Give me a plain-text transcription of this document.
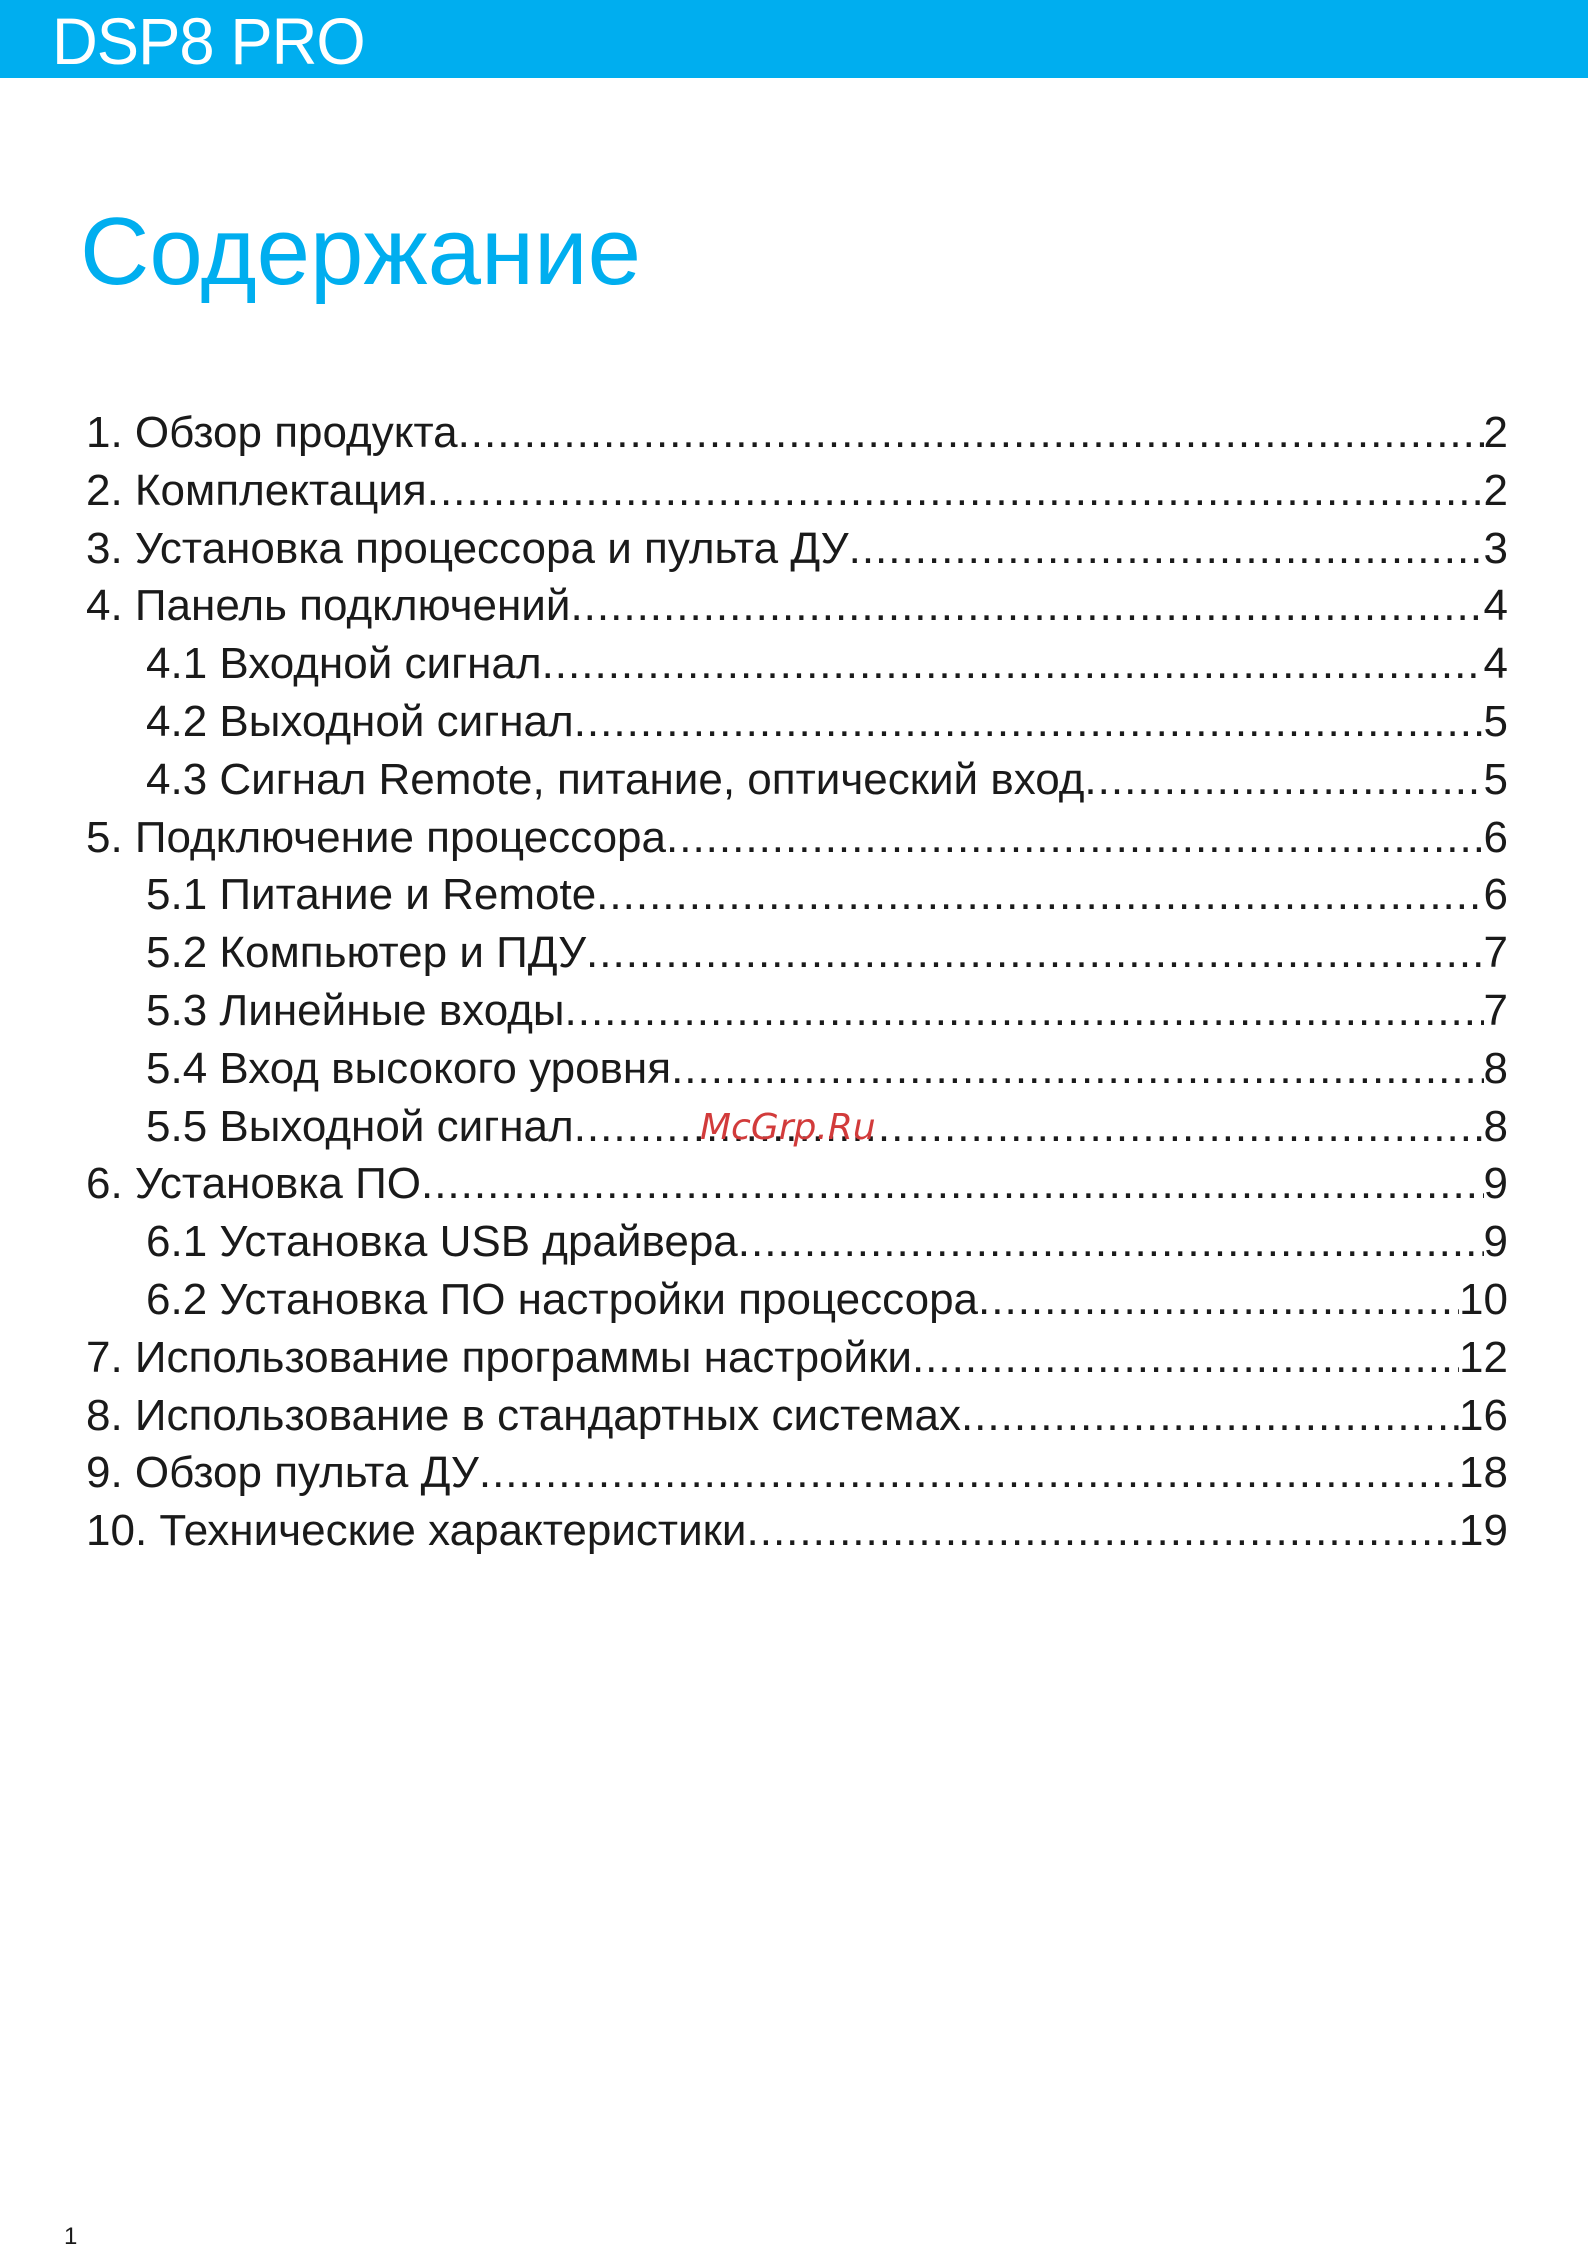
DSP8 PRO
Содержание
1. Обзор продукта .....	2
2. Комплектация .....	2
3. Установка процессора и пульта ДУ .....	3
4. Панель подключений .....	4
4.1 Входной сигнал .....	4
4.2 Выходной сигнал .....	5
4.3 Сигнал Remote, питание, оптический вход .....	5
5. Подключение процессора .....	6
5.1 Питание и Remote .....	6
5.2 Компьютер и ПДУ .....	7
5.3 Линейные входы .....	7
5.4 Вход высокого уровня .....	8
5.5 Выходной сигнал .....	8
6. Установка ПО .....	9
6.1 Установка USB драйвера .....	9
6.2 Установка ПО настройки процессора .....	10
7. Использование программы настройки .....	12
8. Использование в стандартных системах .....	16
9. Обзор пульта ДУ .....	18
10. Технические характеристики .....	19
McGrp.Ru
1
